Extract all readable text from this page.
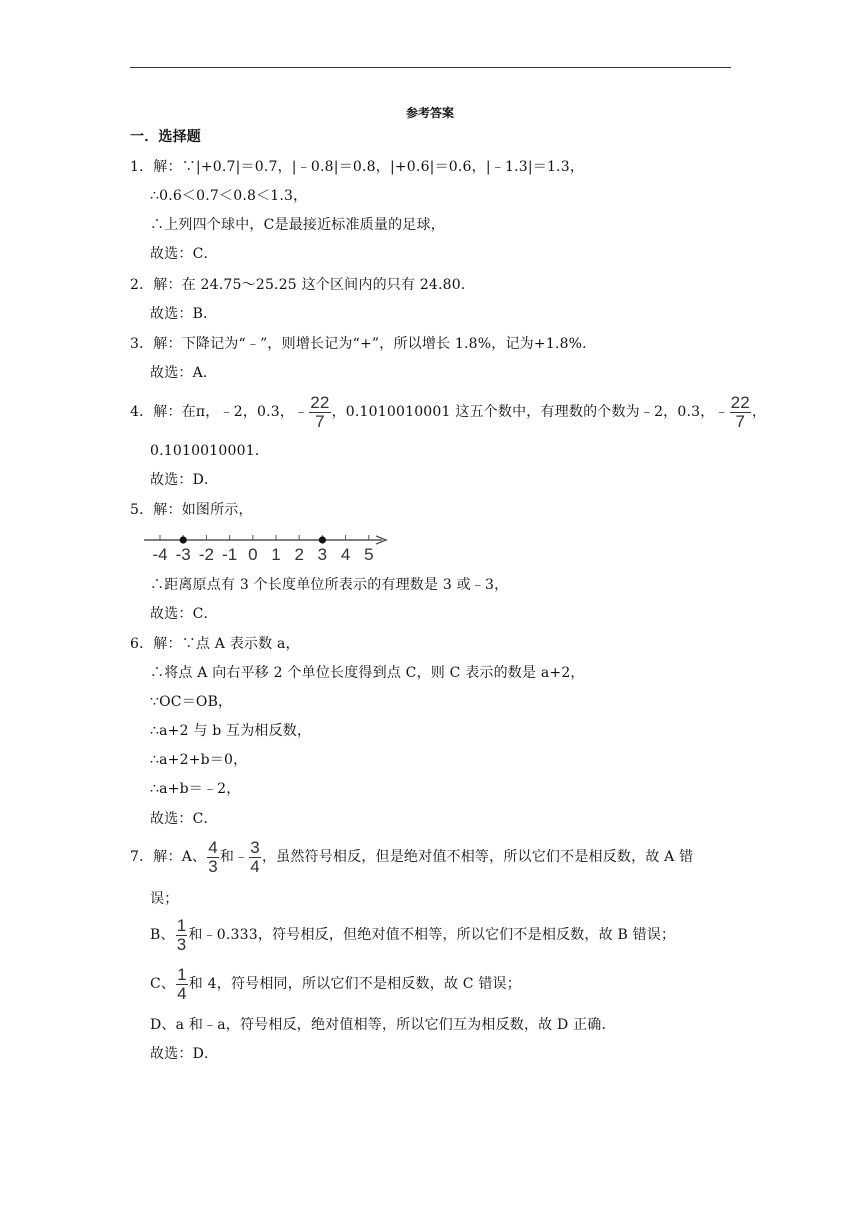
参考答案
一．选择题
1．解：∵|+0.7|＝0.7，|﹣0.8|＝0.8，|+0.6|＝0.6，|﹣1.3|＝1.3，
∴0.6＜0.7＜0.8＜1.3，
∴上列四个球中，C是最接近标准质量的足球，
故选：C．
2．解：在 24.75～25.25 这个区间内的只有 24.80．
故选：B．
3．解：下降记为“﹣”，则增长记为“+”，所以增长 1.8%，记为+1.8%．
故选：A．
4．解：在π，﹣2，0.3，﹣ $\frac{22}{7}$ ，0.1010010001 这五个数中，有理数的个数为﹣2，0.3，﹣ $\frac{22}{7}$ ，
0.1010010001．
故选：D．
5．解：如图所示，
-4 -3 -2 -1 0 1 2 3 4 5
∴距离原点有 3 个长度单位所表示的有理数是 3 或﹣3，
故选：C．
6．解：∵点 A 表示数 a，
∴将点 A 向右平移 2 个单位长度得到点 C，则 C 表示的数是 a+2，
∵OC＝OB，
∴a+2 与 b 互为相反数，
∴a+2+b＝0，
∴a+b＝﹣2，
故选：C．
7．解：A、 $\frac{4}{3}$ 和﹣ $\frac{3}{4}$ ，虽然符号相反，但是绝对值不相等，所以它们不是相反数，故 A 错
误；
B、 $\frac{1}{3}$ 和﹣0.333，符号相反，但绝对值不相等，所以它们不是相反数，故 B 错误；
C、 $\frac{1}{4}$ 和 4，符号相同，所以它们不是相反数，故 C 错误；
D、a 和﹣a，符号相反，绝对值相等，所以它们互为相反数，故 D 正确．
故选：D．
